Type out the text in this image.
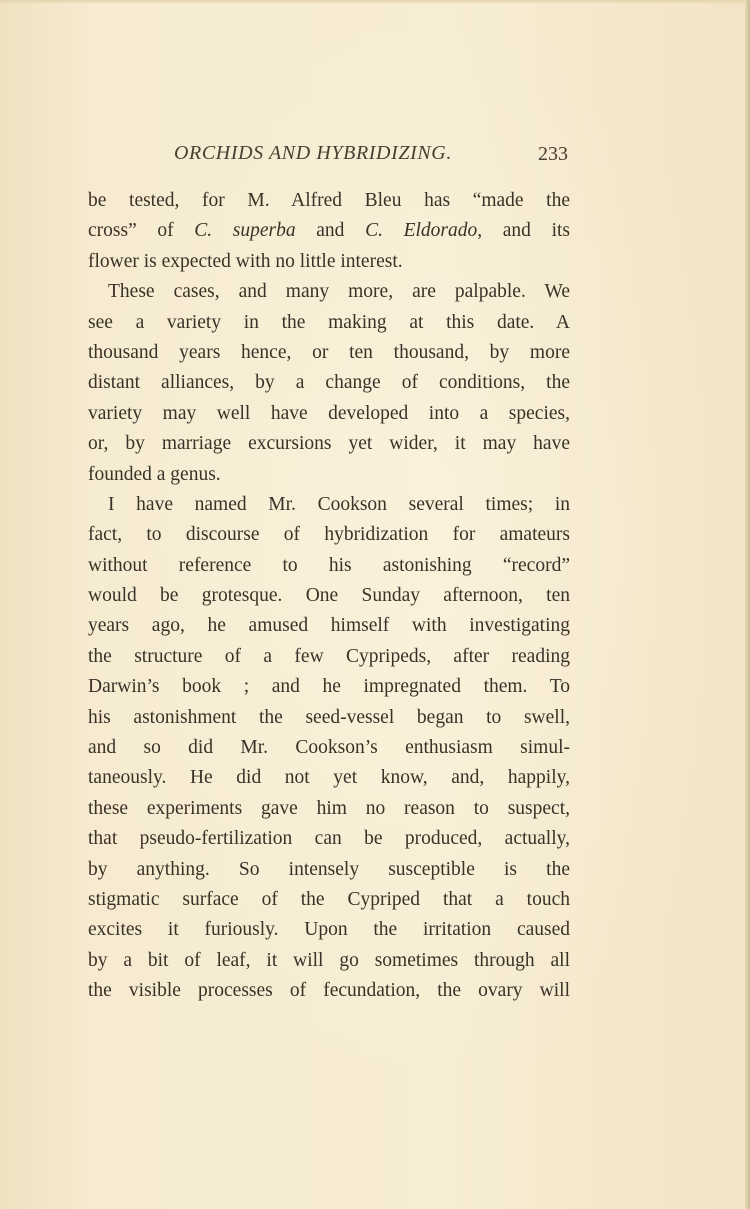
ORCHIDS AND HYBRIDIZING.	233
be tested, for M. Alfred Bleu has “made the
cross” of C. superba and C. Eldorado, and its
flower is expected with no little interest.
These cases, and many more, are palpable. We
see a variety in the making at this date. A
thousand years hence, or ten thousand, by more
distant alliances, by a change of conditions, the
variety may well have developed into a species,
or, by marriage excursions yet wider, it may have
founded a genus.
I have named Mr. Cookson several times; in
fact, to discourse of hybridization for amateurs
without reference to his astonishing “record”
would be grotesque. One Sunday afternoon, ten
years ago, he amused himself with investigating
the structure of a few Cypripeds, after reading
Darwin’s book ; and he impregnated them. To
his astonishment the seed-vessel began to swell,
and so did Mr. Cookson’s enthusiasm simul-
taneously. He did not yet know, and, happily,
these experiments gave him no reason to suspect,
that pseudo-fertilization can be produced, actually,
by anything. So intensely susceptible is the
stigmatic surface of the Cypriped that a touch
excites it furiously. Upon the irritation caused
by a bit of leaf, it will go sometimes through all
the visible processes of fecundation, the ovary will
